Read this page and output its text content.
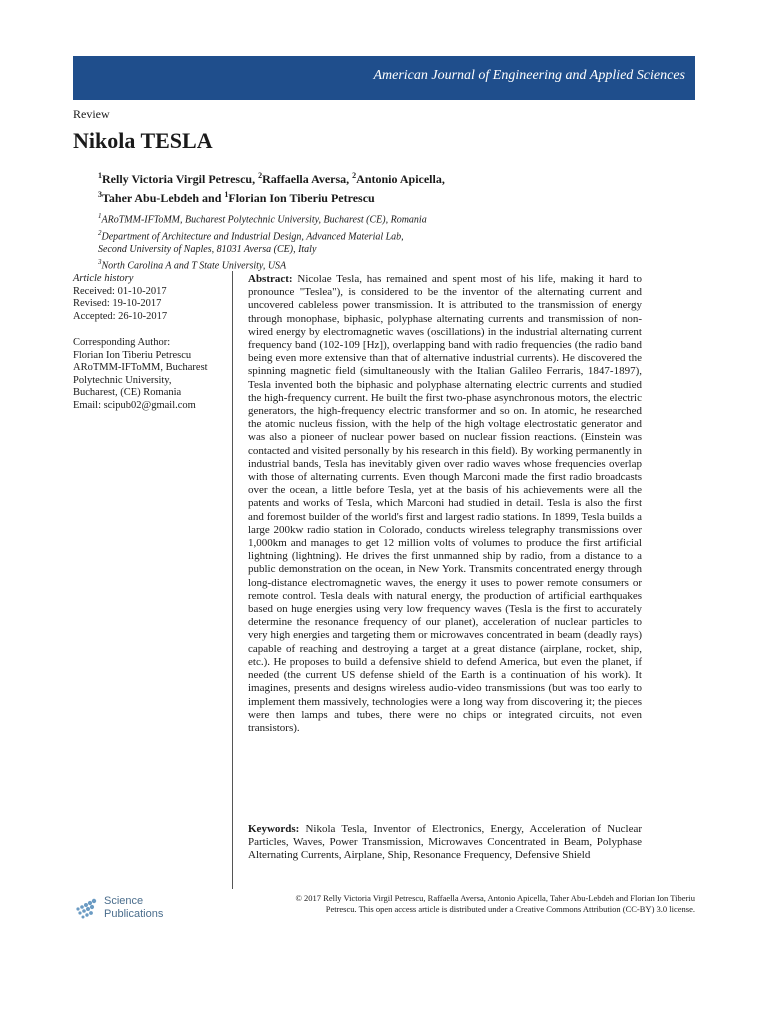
American Journal of Engineering and Applied Sciences
Review
Nikola TESLA
$^1$Relly Victoria Virgil Petrescu, $^2$Raffaella Aversa, $^2$Antonio Apicella,
$^3$Taher Abu-Lebdeh and $^1$Florian Ion Tiberiu Petrescu
$^1$ARoTMM-IFToMM, Bucharest Polytechnic University, Bucharest (CE), Romania
$^2$Department of Architecture and Industrial Design, Advanced Material Lab,
Second University of Naples, 81031 Aversa (CE), Italy
$^3$North Carolina A and T State University, USA
Article history
Received: 01-10-2017
Revised: 19-10-2017
Accepted: 26-10-2017
Corresponding Author:
Florian Ion Tiberiu Petrescu
ARoTMM-IFToMM, Bucharest
Polytechnic University,
Bucharest, (CE) Romania
Email: scipub02@gmail.com

Abstract: Nicolae Tesla, has remained and spent most of his life, making it hard to pronounce "Teslea"), is considered to be the inventor of the alternating current and uncovered cableless power transmission. It is attributed to the transmission of energy through monophase, biphasic, polyphase alternating currents and transmission of non-wired energy by electromagnetic waves (oscillations) in the industrial alternating current frequency band (102-109 [Hz]), overlapping band with radio frequencies (the radio band being even more extensive than that of alternative industrial currents). He discovered the spinning magnetic field (simultaneously with the Italian Galileo Ferraris, 1847-1897), Tesla invented both the biphasic and polyphase alternating electric currents and studied the high-frequency current. He built the first two-phase asynchronous motors, the electric generators, the high-frequency electric transformer and so on. In atomic, he researched the atomic nucleus fission, with the help of the high voltage electrostatic generator and was also a pioneer of nuclear power based on nuclear fission reactions. (Einstein was contacted and visited personally by his research in this field). By working permanently in industrial bands, Tesla has inevitably given over radio waves whose frequencies overlap with those of alternating currents. Even though Marconi made the first radio broadcasts over the ocean, a little before Tesla, yet at the basis of his achievements were all the patents and works of Tesla, which Marconi had studied in detail. Tesla is also the first and foremost builder of the world's first and largest radio stations. In 1899, Tesla builds a large 200kw radio station in Colorado, conducts wireless telegraphy transmissions over 1,000km and manages to get 12 million volts of volumes to produce the first artificial lightning (lightning). He drives the first unmanned ship by radio, from a distance to a public demonstration on the ocean, in New York. Transmits concentrated energy through long-distance electromagnetic waves, the energy it uses to power remote consumers or remote control. Tesla deals with natural energy, the production of artificial earthquakes based on huge energies using very low frequency waves (Tesla is the first to accurately determine the resonance frequency of our planet), acceleration of nuclear particles to very high energies and targeting them or microwaves concentrated in beam (deadly rays) capable of reaching and destroying a target at a great distance (airplane, rocket, ship, etc.). He proposes to build a defensive shield to defend America, but even the planet, if needed (the current US defense shield of the Earth is a continuation of his work). It imagines, presents and designs wireless audio-video transmissions (but was too early to implement them massively, technologies were a long way from discovering it; the pieces were then lamps and tubes, there were no chips or integrated circuits, not even transistors).

Keywords: Nikola Tesla, Inventor of Electronics, Energy, Acceleration of Nuclear Particles, Waves, Power Transmission, Microwaves Concentrated in Beam, Polyphase Alternating Currents, Airplane, Ship, Resonance Frequency, Defensive Shield

Science
Publications
© 2017 Relly Victoria Virgil Petrescu, Raffaella Aversa, Antonio Apicella, Taher Abu-Lebdeh and Florian Ion Tiberiu
Petrescu. This open access article is distributed under a Creative Commons Attribution (CC-BY) 3.0 license.
